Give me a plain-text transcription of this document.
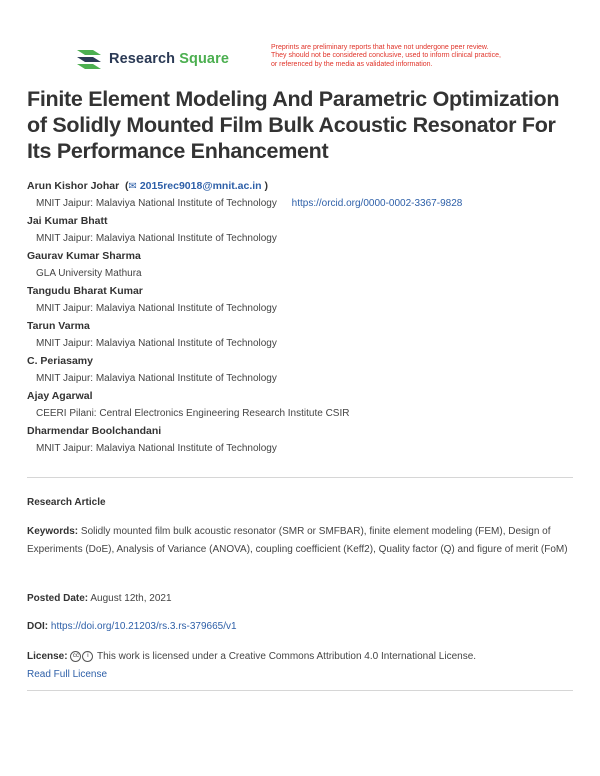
Research Square
Preprints are preliminary reports that have not undergone peer review.
They should not be considered conclusive, used to inform clinical practice,
or referenced by the media as validated information.
Finite Element Modeling And Parametric Optimization of Solidly Mounted Film Bulk Acoustic Resonator For Its Performance Enhancement
Arun Kishor Johar  (✉ 2015rec9018@mnit.ac.in )
MNIT Jaipur: Malaviya National Institute of Technology https://orcid.org/0000-0002-3367-9828
Jai Kumar Bhatt
MNIT Jaipur: Malaviya National Institute of Technology
Gaurav Kumar Sharma
GLA University Mathura
Tangudu Bharat Kumar
MNIT Jaipur: Malaviya National Institute of Technology
Tarun Varma
MNIT Jaipur: Malaviya National Institute of Technology
C. Periasamy
MNIT Jaipur: Malaviya National Institute of Technology
Ajay Agarwal
CEERI Pilani: Central Electronics Engineering Research Institute CSIR
Dharmendar Boolchandani
MNIT Jaipur: Malaviya National Institute of Technology
Research Article
Keywords: Solidly mounted film bulk acoustic resonator (SMR or SMFBAR), finite element modeling (FEM), Design of Experiments (DoE), Analysis of Variance (ANOVA), coupling coefficient (Keff2), Quality factor (Q) and figure of merit (FoM)
Posted Date: August 12th, 2021
DOI: https://doi.org/10.21203/rs.3.rs-379665/v1
License: cc i This work is licensed under a Creative Commons Attribution 4.0 International License.
Read Full License
